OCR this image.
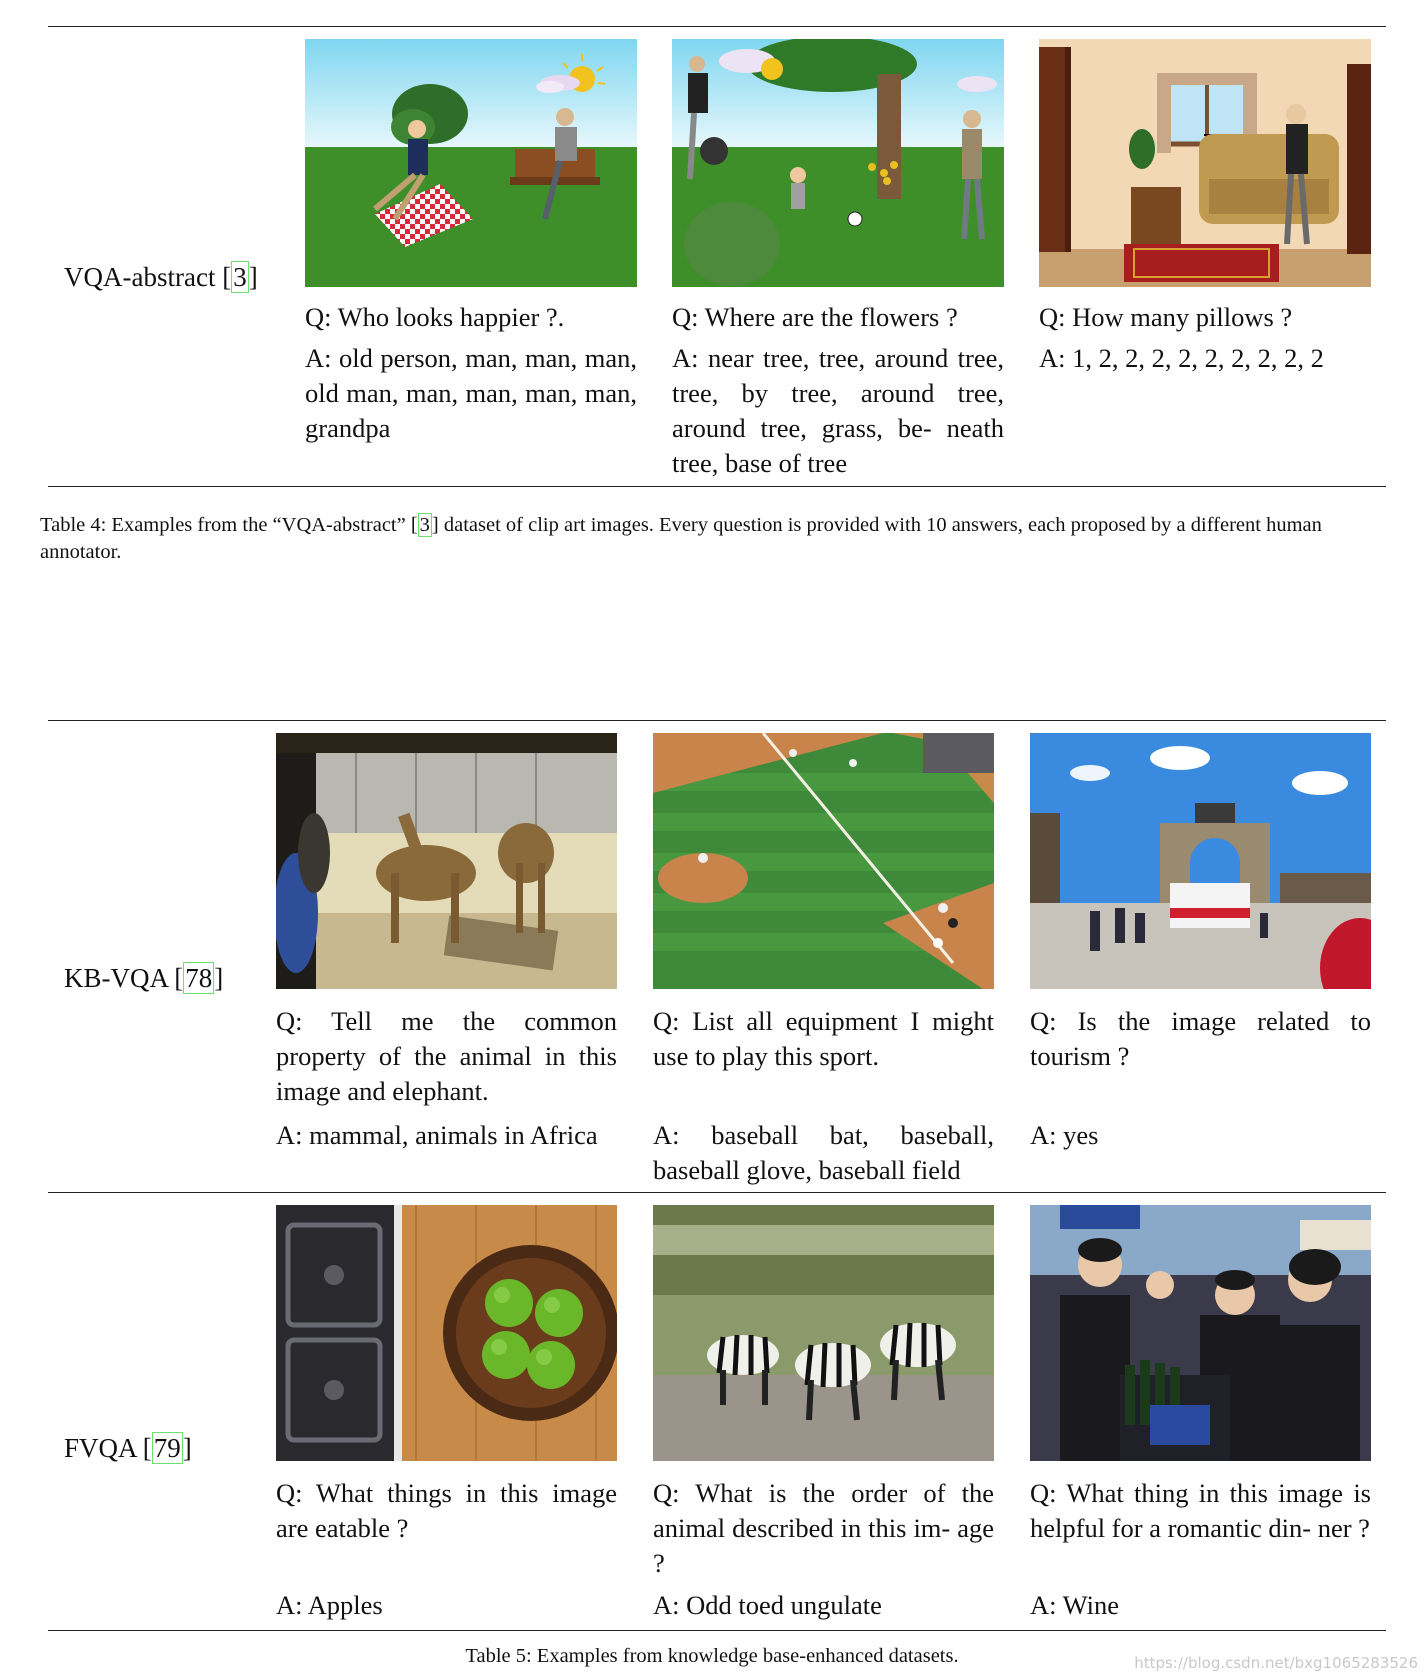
VQA-abstract [3]
Q: Who looks happier ?.
A: old person, man, man, man, old man, man, man, man, man, grandpa
Q: Where are the flowers ?
A: near tree, tree, around tree, tree, by tree, around tree, around tree, grass, be- neath tree, base of tree
Q: How many pillows ?
A: 1, 2, 2, 2, 2, 2, 2, 2, 2, 2
Table 4: Examples from the “VQA-abstract” [3] dataset of clip art images. Every question is provided with 10 answers, each proposed by a different human annotator.
KB-VQA [78]
Q: Tell me the common property of the animal in this image and elephant.
A: mammal, animals in Africa
Q: List all equipment I might use to play this sport.
A: baseball bat, baseball, baseball glove, baseball field
Q: Is the image related to tourism ?
A: yes
FVQA [79]
Q: What things in this image are eatable ?
A: Apples
Q: What is the order of the animal described in this im- age ?
A: Odd toed ungulate
Q: What thing in this image is helpful for a romantic din- ner ?
A: Wine
Table 5: Examples from knowledge base-enhanced datasets.	https://blog.csdn.net/bxg1065283526
